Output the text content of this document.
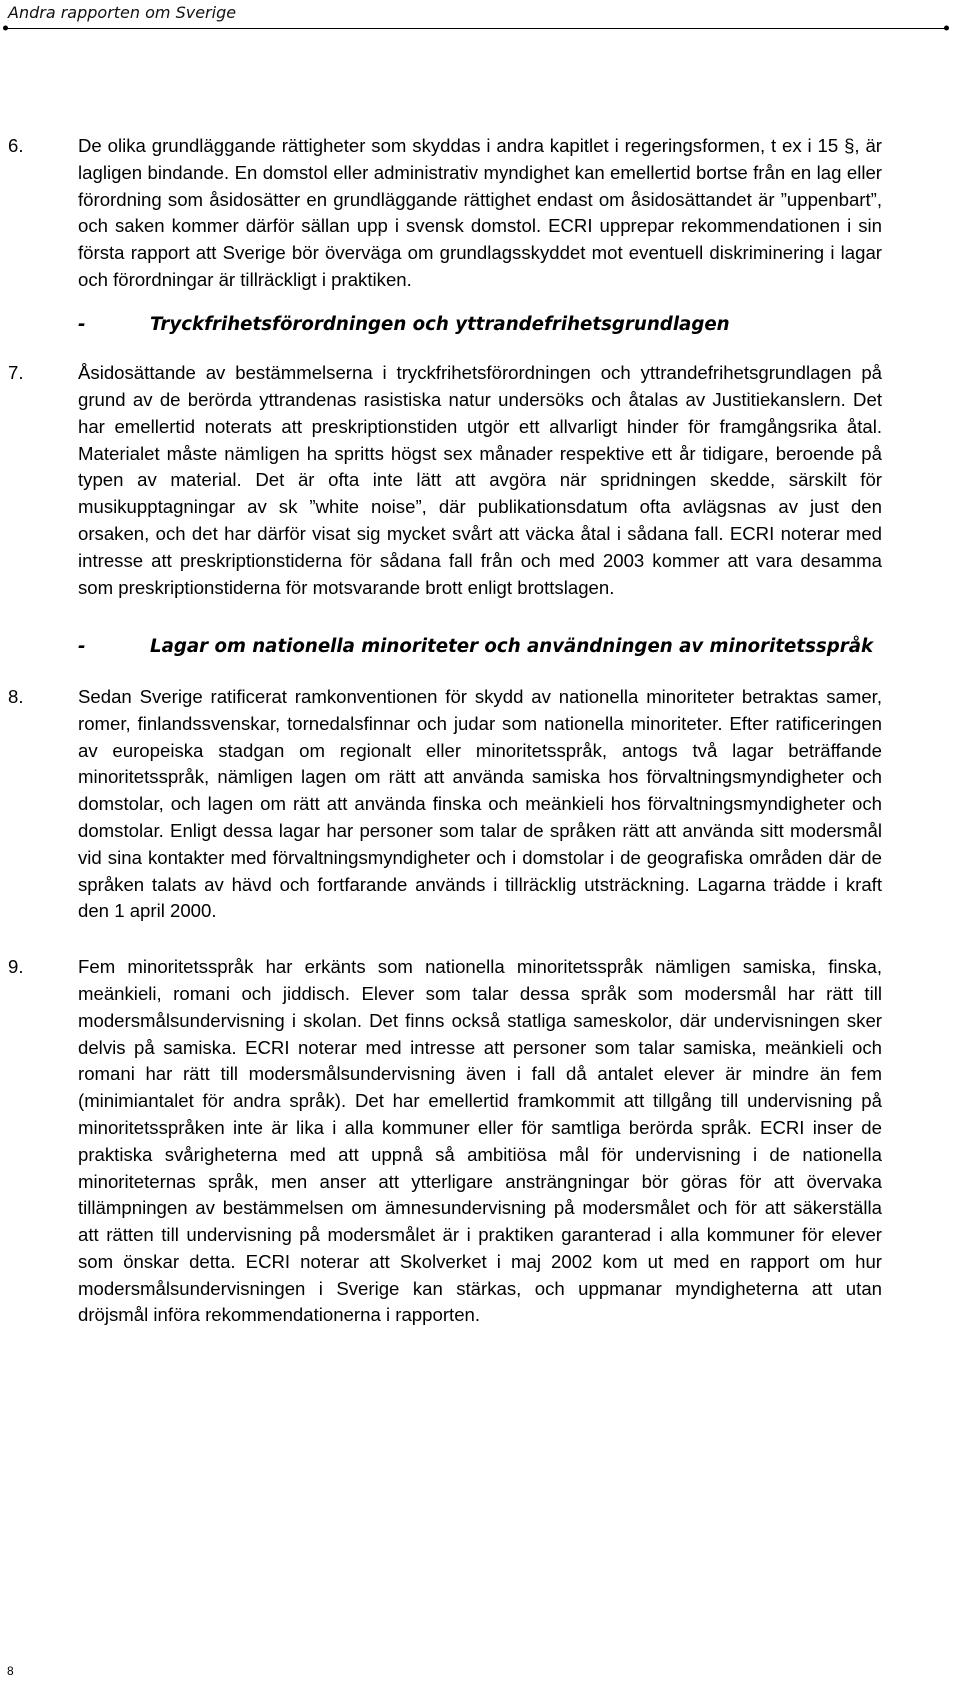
Andra rapporten om Sverige
6.	De olika grundläggande rättigheter som skyddas i andra kapitlet i regeringsformen, t ex i 15 §, är lagligen bindande. En domstol eller administrativ myndighet kan emellertid bortse från en lag eller förordning som åsidosätter en grundläggande rättighet endast om åsidosättandet är ”uppenbart”, och saken kommer därför sällan upp i svensk domstol. ECRI upprepar rekommendationen i sin första rapport att Sverige bör överväga om grundlagsskyddet mot eventuell diskriminering i lagar och förordningar är tillräckligt i praktiken.
-	Tryckfrihetsförordningen och yttrandefrihetsgrundlagen
7.	Åsidosättande av bestämmelserna i tryckfrihetsförordningen och yttrandefrihetsgrundlagen på grund av de berörda yttrandenas rasistiska natur undersöks och åtalas av Justitiekanslern. Det har emellertid noterats att preskriptionstiden utgör ett allvarligt hinder för framgångsrika åtal. Materialet måste nämligen ha spritts högst sex månader respektive ett år tidigare, beroende på typen av material. Det är ofta inte lätt att avgöra när spridningen skedde, särskilt för musikupptagningar av sk ”white noise”, där publikationsdatum ofta avlägsnas av just den orsaken, och det har därför visat sig mycket svårt att väcka åtal i sådana fall. ECRI noterar med intresse att preskriptionstiderna för sådana fall från och med 2003 kommer att vara desamma som preskriptionstiderna för motsvarande brott enligt brottslagen.
-	Lagar om nationella minoriteter och användningen av minoritetsspråk
8.	Sedan Sverige ratificerat ramkonventionen för skydd av nationella minoriteter betraktas samer, romer, finlandssvenskar, tornedalsfinnar och judar som nationella minoriteter. Efter ratificeringen av europeiska stadgan om regionalt eller minoritetsspråk, antogs två lagar beträffande minoritetsspråk, nämligen lagen om rätt att använda samiska hos förvaltningsmyndigheter och domstolar, och lagen om rätt att använda finska och meänkieli hos förvaltningsmyndigheter och domstolar. Enligt dessa lagar har personer som talar de språken rätt att använda sitt modersmål vid sina kontakter med förvaltningsmyndigheter och i domstolar i de geografiska områden där de språken talats av hävd och fortfarande används i tillräcklig utsträckning. Lagarna trädde i kraft den 1 april 2000.
9.	Fem minoritetsspråk har erkänts som nationella minoritetsspråk nämligen samiska, finska, meänkieli, romani och jiddisch. Elever som talar dessa språk som modersmål har rätt till modersmålsundervisning i skolan. Det finns också statliga sameskolor, där undervisningen sker delvis på samiska. ECRI noterar med intresse att personer som talar samiska, meänkieli och romani har rätt till modersmålsundervisning även i fall då antalet elever är mindre än fem (minimiantalet för andra språk). Det har emellertid framkommit att tillgång till undervisning på minoritetsspråken inte är lika i alla kommuner eller för samtliga berörda språk. ECRI inser de praktiska svårigheterna med att uppnå så ambitiösa mål för undervisning i de nationella minoriteternas språk, men anser att ytterligare ansträngningar bör göras för att övervaka tillämpningen av bestämmelsen om ämnesundervisning på modersmålet och för att säkerställa att rätten till undervisning på modersmålet är i praktiken garanterad i alla kommuner för elever som önskar detta. ECRI noterar att Skolverket i maj 2002 kom ut med en rapport om hur modersmålsundervisningen i Sverige kan stärkas, och uppmanar myndigheterna att utan dröjsmål införa rekommendationerna i rapporten.
8
